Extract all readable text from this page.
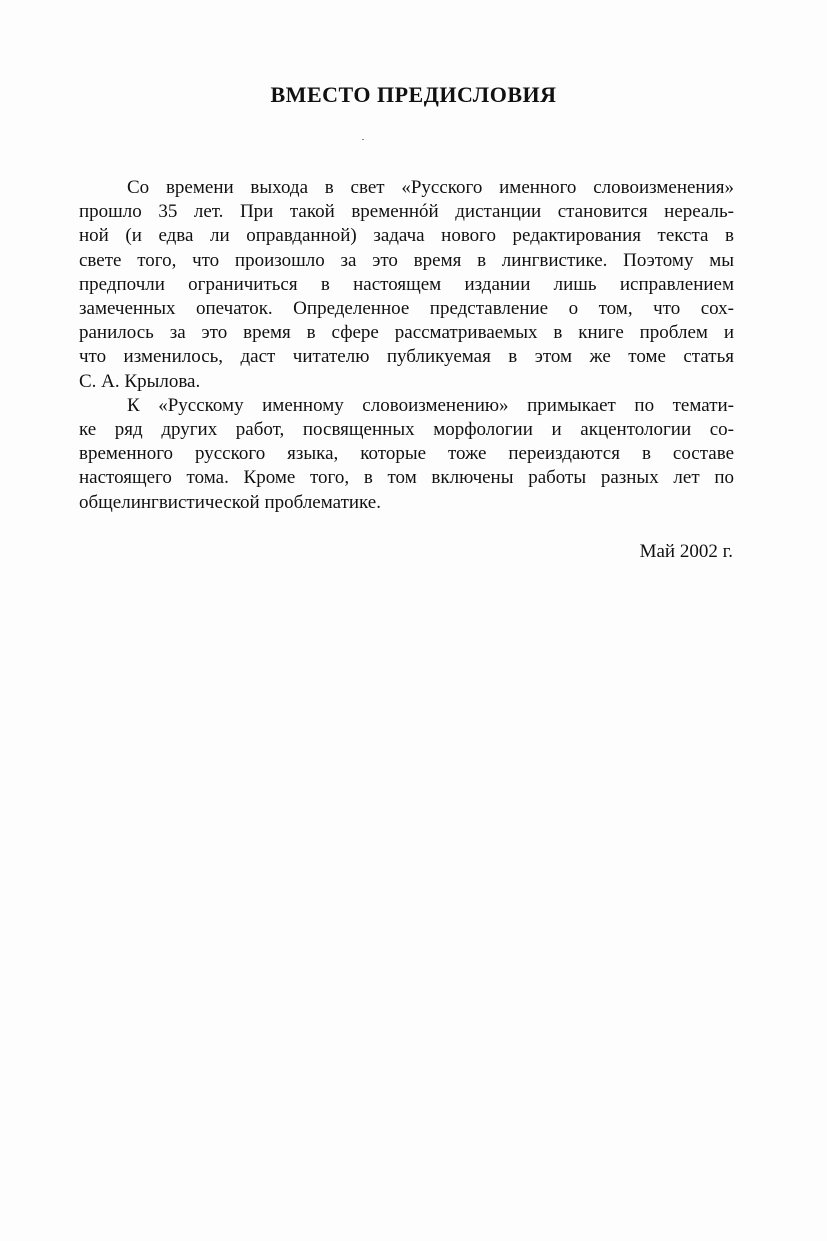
ВМЕСТО ПРЕДИСЛОВИЯ
Со времени выхода в свет «Русского именного словоизменения»
прошло 35 лет. При такой временнóй дистанции становится нереаль-
ной (и едва ли оправданной) задача нового редактирования текста в
свете того, что произошло за это время в лингвистике. Поэтому мы
предпочли ограничиться в настоящем издании лишь исправлением
замеченных опечаток. Определенное представление о том, что сох-
ранилось за это время в сфере рассматриваемых в книге проблем и
что изменилось, даст читателю публикуемая в этом же томе статья
С. А. Крылова.
К «Русскому именному словоизменению» примыкает по темати-
ке ряд других работ, посвященных морфологии и акцентологии со-
временного русского языка, которые тоже переиздаются в составе
настоящего тома. Кроме того, в том включены работы разных лет по
общелингвистической проблематике.

Май 2002 г.
